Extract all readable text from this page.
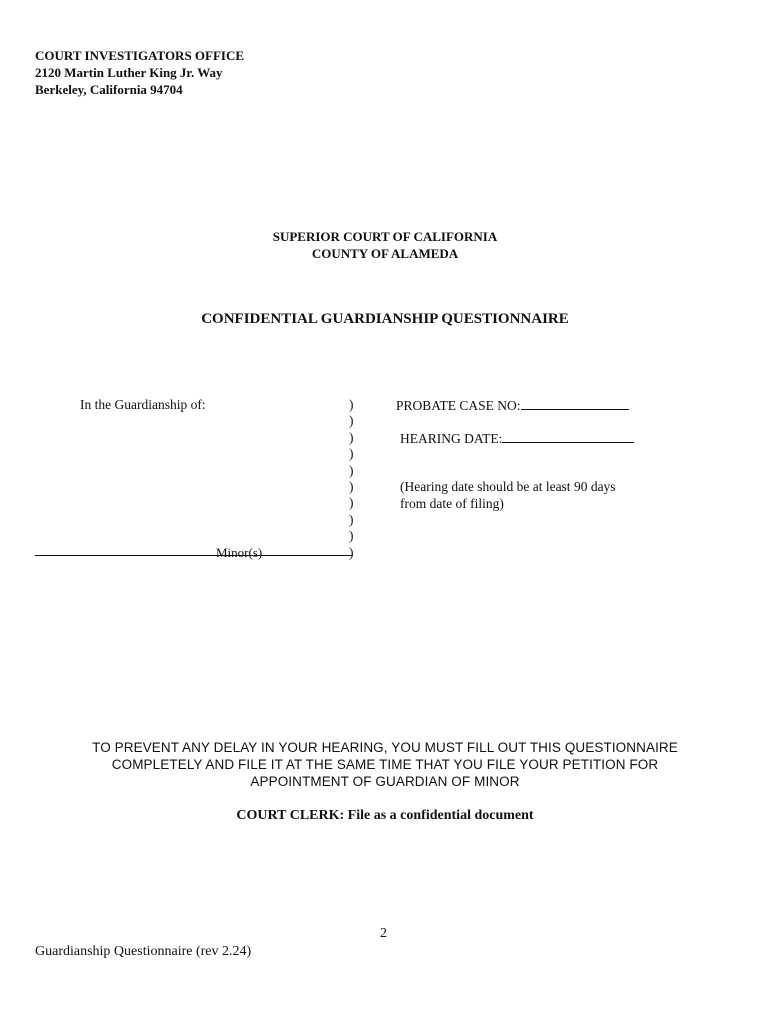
COURT INVESTIGATORS OFFICE
2120 Martin Luther King Jr. Way
Berkeley, California 94704
SUPERIOR COURT OF CALIFORNIA
COUNTY OF ALAMEDA
CONFIDENTIAL GUARDIANSHIP QUESTIONNAIRE
In the Guardianship of:	)
)
)
)
)
)
)
)
)
)
Minor(s)
PROBATE CASE NO:
HEARING DATE:
(Hearing date should be at least 90 days
from date of filing)
TO PREVENT ANY DELAY IN YOUR HEARING, YOU MUST FILL OUT THIS QUESTIONNAIRE
COMPLETELY AND FILE IT AT THE SAME TIME THAT YOU FILE YOUR PETITION FOR
APPOINTMENT OF GUARDIAN OF MINOR
COURT CLERK: File as a confidential document
2
Guardianship Questionnaire (rev 2.24)
